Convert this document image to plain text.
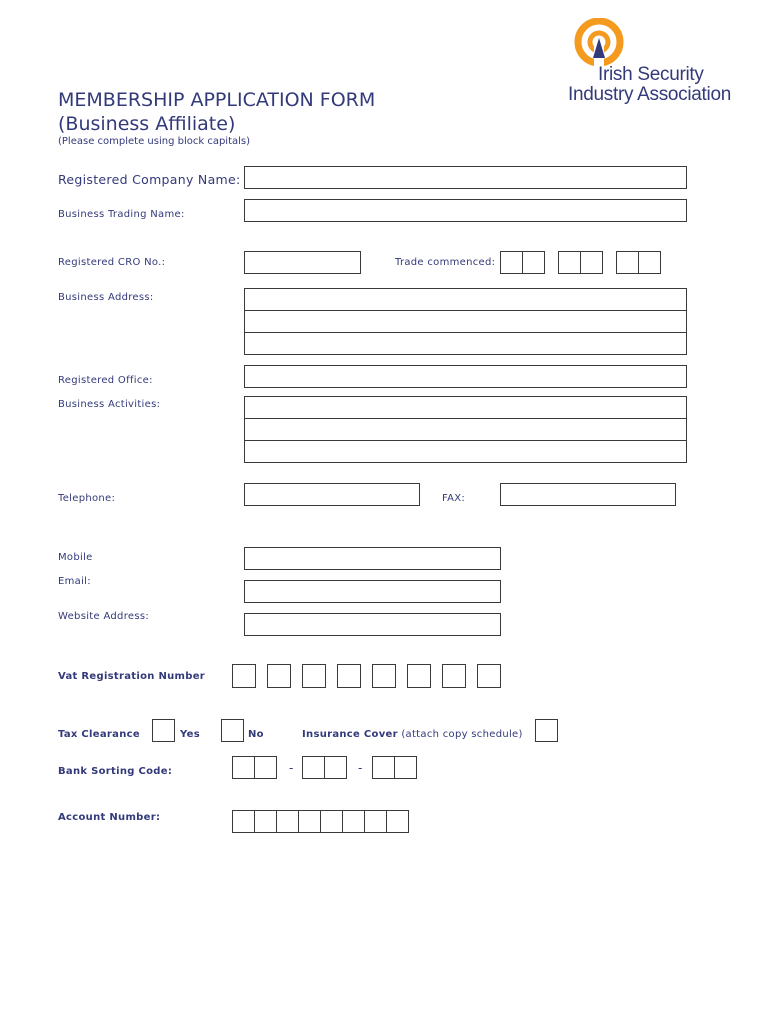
Irish Security
Industry Association
MEMBERSHIP APPLICATION FORM
(Business Affiliate)
(Please complete using block capitals)
Registered Company Name:
Business Trading Name:
Registered CRO No.:	Trade commenced:
Business Address:
Registered Office:
Business Activities:
Telephone:	FAX:
Mobile
Email:
Website Address:
Vat Registration Number
Tax Clearance	Yes	No	Insurance Cover (attach copy schedule)
Bank Sorting Code:	-	-
Account Number:
